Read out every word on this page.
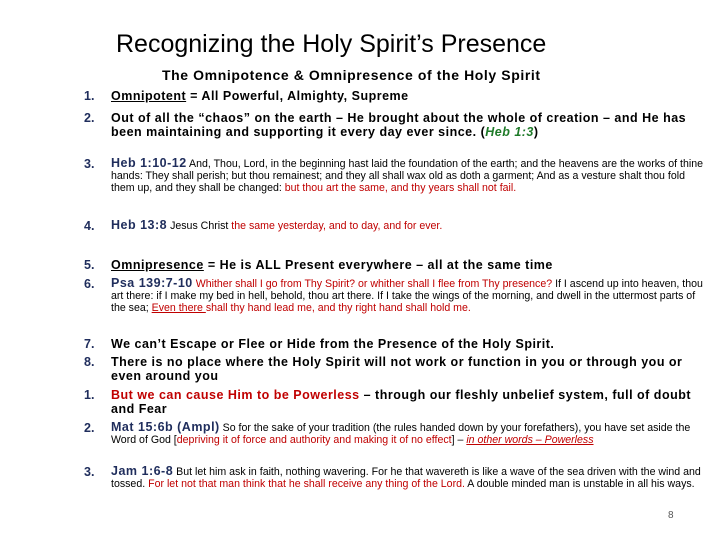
Recognizing the Holy Spirit’s Presence
The Omnipotence & Omnipresence of the Holy Spirit
1. Omnipotent = All Powerful, Almighty, Supreme
2. Out of all the “chaos” on the earth – He brought about the whole of creation – and He has been maintaining and supporting it every day ever since. (Heb 1:3)
3. Heb 1:10-12 And, Thou, Lord, in the beginning hast laid the foundation of the earth; and the heavens are the works of thine hands: They shall perish; but thou remainest; and they all shall wax old as doth a garment; And as a vesture shalt thou fold them up, and they shall be changed: but thou art the same, and thy years shall not fail.
4. Heb 13:8 Jesus Christ the same yesterday, and to day, and for ever.
5. Omnipresence = He is ALL Present everywhere – all at the same time
6. Psa 139:7-10 Whither shall I go from Thy Spirit? or whither shall I flee from Thy presence? If I ascend up into heaven, thou art there: if I make my bed in hell, behold, thou art there. If I take the wings of the morning, and dwell in the uttermost parts of the sea; Even there shall thy hand lead me, and thy right hand shall hold me.
7. We can’t Escape or Flee or Hide from the Presence of the Holy Spirit.
8. There is no place where the Holy Spirit will not work or function in you or through you or even around you
1. But we can cause Him to be Powerless – through our fleshly unbelief system, full of doubt and Fear
2. Mat 15:6b (Ampl) So for the sake of your tradition (the rules handed down by your forefathers), you have set aside the Word of God [depriving it of force and authority and making it of no effect] – in other words – Powerless
3. Jam 1:6-8 But let him ask in faith, nothing wavering. For he that wavereth is like a wave of the sea driven with the wind and tossed. For let not that man think that he shall receive any thing of the Lord. A double minded man is unstable in all his ways.
8
